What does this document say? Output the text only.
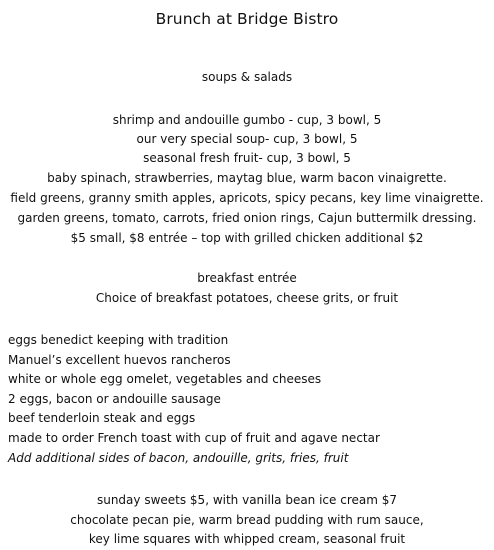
Brunch at Bridge Bistro

soups & salads

shrimp and andouille gumbo - cup, 3 bowl, 5

our very special soup- cup, 3 bowl, 5

seasonal fresh fruit- cup, 3 bowl, 5

baby spinach, strawberries, maytag blue, warm bacon vinaigrette.

field greens, granny smith apples, apricots, spicy pecans, key lime vinaigrette.

garden greens, tomato, carrots, fried onion rings, Cajun buttermilk dressing.

$5 small, $8 entrée – top with grilled chicken additional $2

breakfast entrée

Choice of breakfast potatoes, cheese grits, or fruit

eggs benedict keeping with tradition

Manuel’s excellent huevos rancheros

white or whole egg omelet, vegetables and cheeses

2 eggs, bacon or andouille sausage

beef tenderloin steak and eggs

made to order French toast with cup of fruit and agave nectar

Add additional sides of bacon, andouille, grits, fries, fruit

sunday sweets $5, with vanilla bean ice cream $7

chocolate pecan pie, warm bread pudding with rum sauce,

key lime squares with whipped cream, seasonal fruit
